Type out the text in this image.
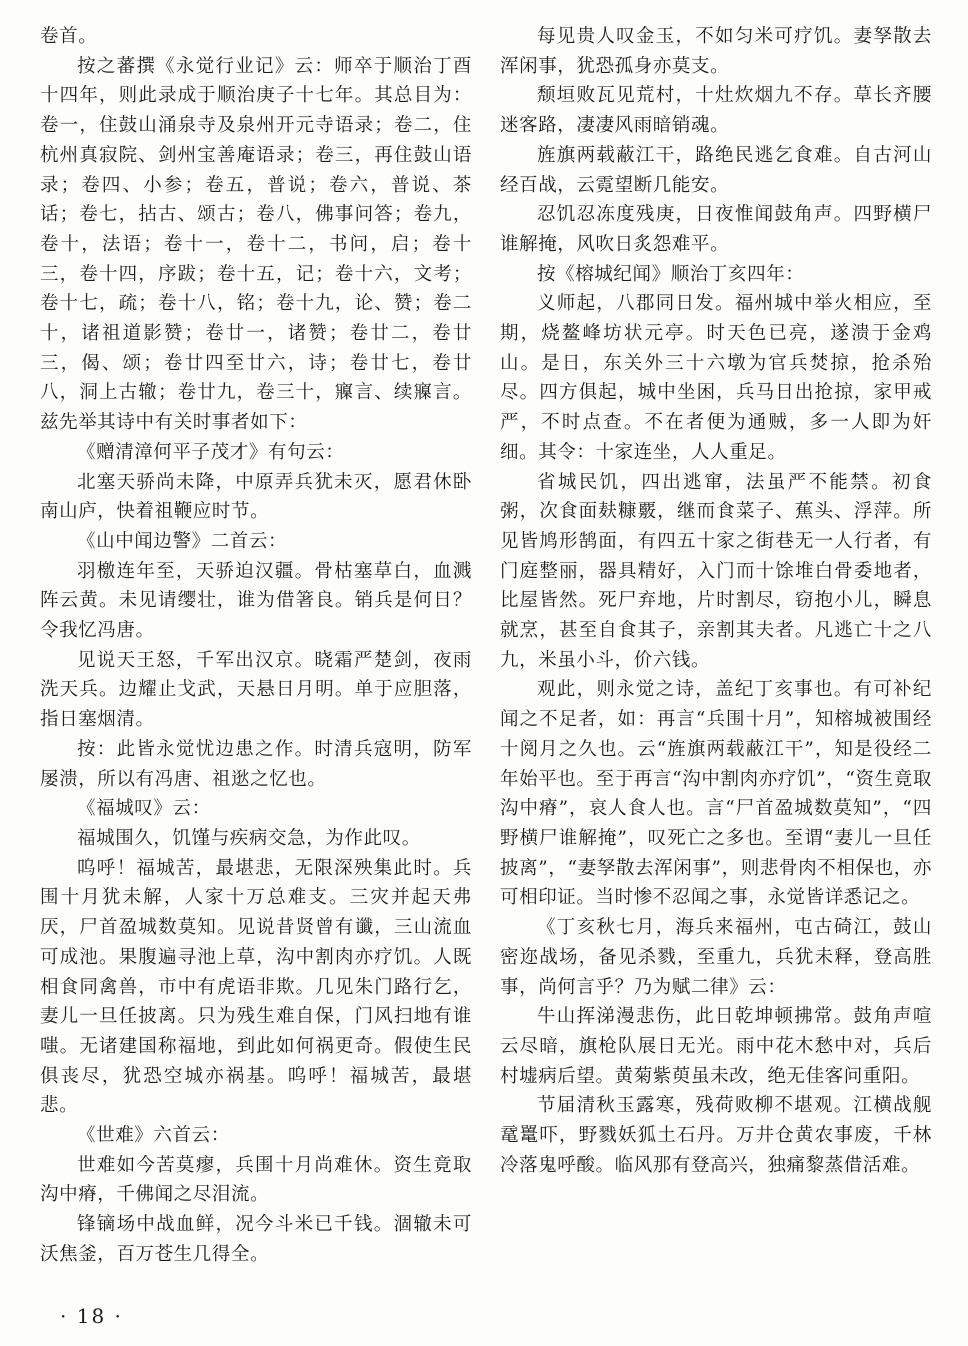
卷首。

按之蕃撰《永觉行业记》云：师卒于顺治丁酉十四年，则此录成于顺治庚子十七年。其总目为：卷一，住鼓山涌泉寺及泉州开元寺语录；卷二，住杭州真寂院、剑州宝善庵语录；卷三，再住鼓山语录；卷四、小参；卷五，普说；卷六，普说、茶话；卷七，拈古、颂古；卷八，佛事问答；卷九，卷十，法语；卷十一，卷十二，书问，启；卷十三，卷十四，序跋；卷十五，记；卷十六，文考；卷十七，疏；卷十八，铭；卷十九，论、赞；卷二十，诸祖道影赞；卷廿一，诸赞；卷廿二，卷廿三，偈、颂；卷廿四至廿六，诗；卷廿七，卷廿八，洞上古辙；卷廿九，卷三十，寱言、续寱言。兹先举其诗中有关时事者如下：

《赠清漳何平子茂才》有句云：

北塞天骄尚未降，中原弄兵犹未灭，愿君休卧南山庐，快着祖鞭应时节。

《山中闻边警》二首云：

羽檄连年至，天骄迫汉疆。骨枯塞草白，血溅阵云黄。未见请缨壮，谁为借箸良。销兵是何日？令我忆冯唐。

见说天王怒，千军出汉京。晓霜严楚剑，夜雨洗天兵。边耀止戈武，天悬日月明。单于应胆落，指日塞烟清。

按：此皆永觉忧边患之作。时清兵寇明，防军屡溃，所以有冯唐、祖逖之忆也。

《福城叹》云：

福城围久，饥馑与疾病交急，为作此叹。

呜呼！福城苦，最堪悲，无限深殃集此时。兵围十月犹未解，人家十万总难支。三灾并起天弗厌，尸首盈城数莫知。见说昔贤曾有谶，三山流血可成池。果腹遍寻池上草，沟中割肉亦疗饥。人既相食同禽兽，市中有虎语非欺。几见朱门路行乞，妻儿一旦任披离。只为残生难自保，门风扫地有谁嗤。无诸建国称福地，到此如何祸更奇。假使生民俱丧尽，犹恐空城亦祸基。呜呼！福城苦，最堪悲。

《世难》六首云：

世难如今苦莫瘳，兵围十月尚难休。资生竟取沟中瘠，千佛闻之尽泪流。

锋镝场中战血鲜，况今斗米已千钱。涸辙未可沃焦釜，百万苍生几得全。

每见贵人叹金玉，不如匀米可疗饥。妻孥散去浑闲事，犹恐孤身亦莫支。

颓垣败瓦见荒村，十灶炊烟九不存。草长齐腰迷客路，凄凄风雨暗销魂。

旌旗两载蔽江干，路绝民逃乞食难。自古河山经百战，云霓望断几能安。

忍饥忍冻度残庚，日夜惟闻鼓角声。四野横尸谁解掩，风吹日炙怨难平。

按《榕城纪闻》顺治丁亥四年：

义师起，八郡同日发。福州城中举火相应，至期，烧鳌峰坊状元亭。时天色已亮，遂溃于金鸡山。是日，东关外三十六墩为官兵焚掠，抢杀殆尽。四方俱起，城中坐困，兵马日出抢掠，家甲戒严，不时点查。不在者便为通贼，多一人即为奸细。其令：十家连坐，人人重足。

省城民饥，四出逃窜，法虽严不能禁。初食粥，次食面麸糠覈，继而食菜子、蕉头、浮萍。所见皆鸠形鹄面，有四五十家之街巷无一人行者，有门庭整丽，器具精好，入门而十馀堆白骨委地者，比屋皆然。死尸弃地，片时割尽，窃抱小儿，瞬息就烹，甚至自食其子，亲割其夫者。凡逃亡十之八九，米虽小斗，价六钱。

观此，则永觉之诗，盖纪丁亥事也。有可补纪闻之不足者，如：再言“兵围十月”，知榕城被围经十阅月之久也。云“旌旗两载蔽江干”，知是役经二年始平也。至于再言“沟中割肉亦疗饥”，“资生竟取沟中瘠”，哀人食人也。言“尸首盈城数莫知”，“四野横尸谁解掩”，叹死亡之多也。至谓“妻儿一旦任披离”，“妻孥散去浑闲事”，则悲骨肉不相保也，亦可相印证。当时惨不忍闻之事，永觉皆详悉记之。

《丁亥秋七月，海兵来福州，屯古碕江，鼓山密迩战场，备见杀戮，至重九，兵犹未释，登高胜事，尚何言乎？乃为赋二律》云：

牛山挥涕漫悲伤，此日乾坤顿拂常。鼓角声喧云尽暗，旗枪队展日无光。雨中花木愁中对，兵后村墟病后望。黄菊紫萸虽未改，绝无佳客问重阳。

节届清秋玉露寒，残荷败柳不堪观。江横战舰鼋鼍吓，野戮妖狐土石丹。万井仓黄农事废，千林冷落鬼呼酸。临风那有登高兴，独痛黎蒸借活难。

· 18 ·
